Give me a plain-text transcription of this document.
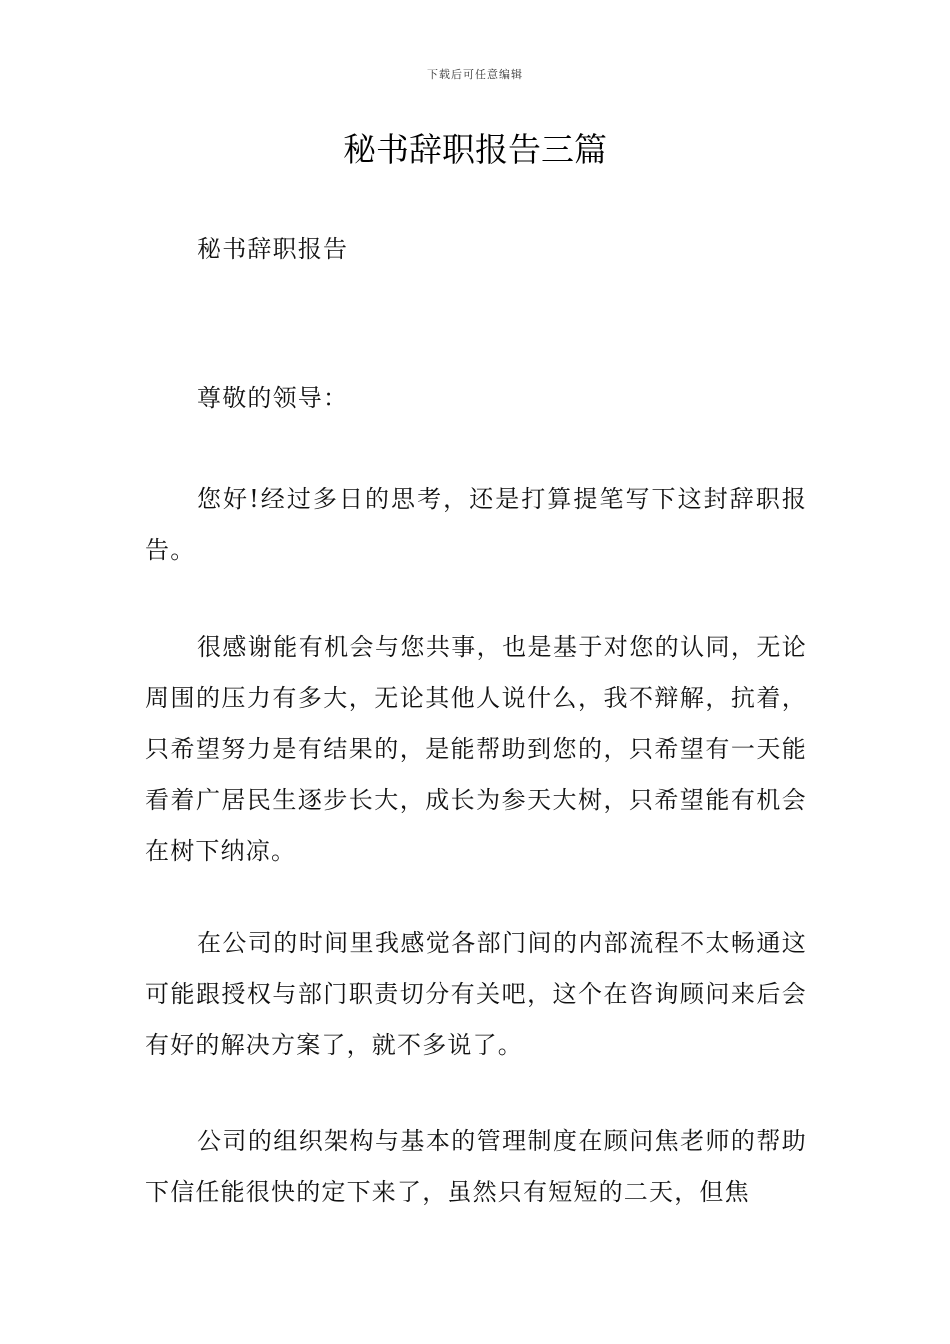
下载后可任意编辑
秘书辞职报告三篇

秘书辞职报告

尊敬的领导：

您好!经过多日的思考，还是打算提笔写下这封辞职报告。

很感谢能有机会与您共事，也是基于对您的认同，无论周围的压力有多大，无论其他人说什么，我不辩解，抗着，只希望努力是有结果的，是能帮助到您的，只希望有一天能看着广居民生逐步长大，成长为参天大树，只希望能有机会在树下纳凉。

在公司的时间里我感觉各部门间的内部流程不太畅通这可能跟授权与部门职责切分有关吧，这个在咨询顾问来后会有好的解决方案了，就不多说了。

公司的组织架构与基本的管理制度在顾问焦老师的帮助下信任能很快的定下来了，虽然只有短短的二天，但焦
